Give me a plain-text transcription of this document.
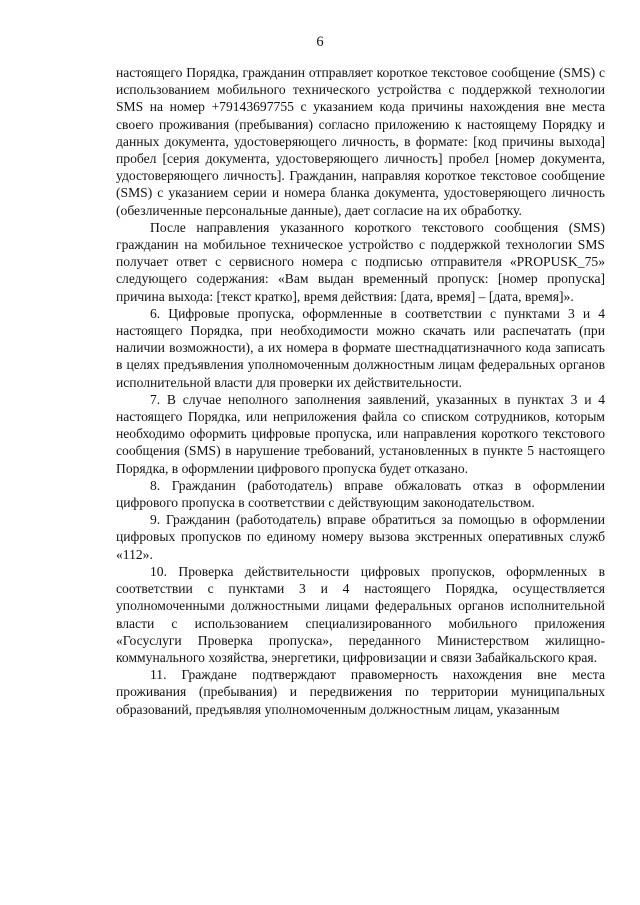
6

настоящего Порядка, гражданин отправляет короткое текстовое сообщение (SMS) с использованием мобильного технического устройства с поддержкой технологии SMS на номер +79143697755 с указанием кода причины нахождения вне места своего проживания (пребывания) согласно приложению к настоящему Порядку и данных документа, удостоверяющего личность, в формате: [код причины выхода] пробел [серия документа, удостоверяющего личность] пробел [номер документа, удостоверяющего личность]. Гражданин, направляя короткое текстовое сообщение (SMS) с указанием серии и номера бланка документа, удостоверяющего личность (обезличенные персональные данные), дает согласие на их обработку.

После направления указанного короткого текстового сообщения (SMS) гражданин на мобильное техническое устройство с поддержкой технологии SMS получает ответ с сервисного номера с подписью отправителя «PROPUSK_75» следующего содержания: «Вам выдан временный пропуск: [номер пропуска] причина выхода: [текст кратко], время действия: [дата, время] – [дата, время]».

6. Цифровые пропуска, оформленные в соответствии с пунктами 3 и 4 настоящего Порядка, при необходимости можно скачать или распечатать (при наличии возможности), а их номера в формате шестнадцатизначного кода записать в целях предъявления уполномоченным должностным лицам федеральных органов исполнительной власти для проверки их действительности.

7. В случае неполного заполнения заявлений, указанных в пунктах 3 и 4 настоящего Порядка, или неприложения файла со списком сотрудников, которым необходимо оформить цифровые пропуска, или направления короткого текстового сообщения (SMS) в нарушение требований, установленных в пункте 5 настоящего Порядка, в оформлении цифрового пропуска будет отказано.

8. Гражданин (работодатель) вправе обжаловать отказ в оформлении цифрового пропуска в соответствии с действующим законодательством.

9. Гражданин (работодатель) вправе обратиться за помощью в оформлении цифровых пропусков по единому номеру вызова экстренных оперативных служб «112».

10. Проверка действительности цифровых пропусков, оформленных в соответствии с пунктами 3 и 4 настоящего Порядка, осуществляется уполномоченными должностными лицами федеральных органов исполнительной власти с использованием специализированного мобильного приложения «Госуслуги Проверка пропуска», переданного Министерством жилищно-коммунального хозяйства, энергетики, цифровизации и связи Забайкальского края.

11. Граждане подтверждают правомерность нахождения вне места проживания (пребывания) и передвижения по территории муниципальных образований, предъявляя уполномоченным должностным лицам, указанным
